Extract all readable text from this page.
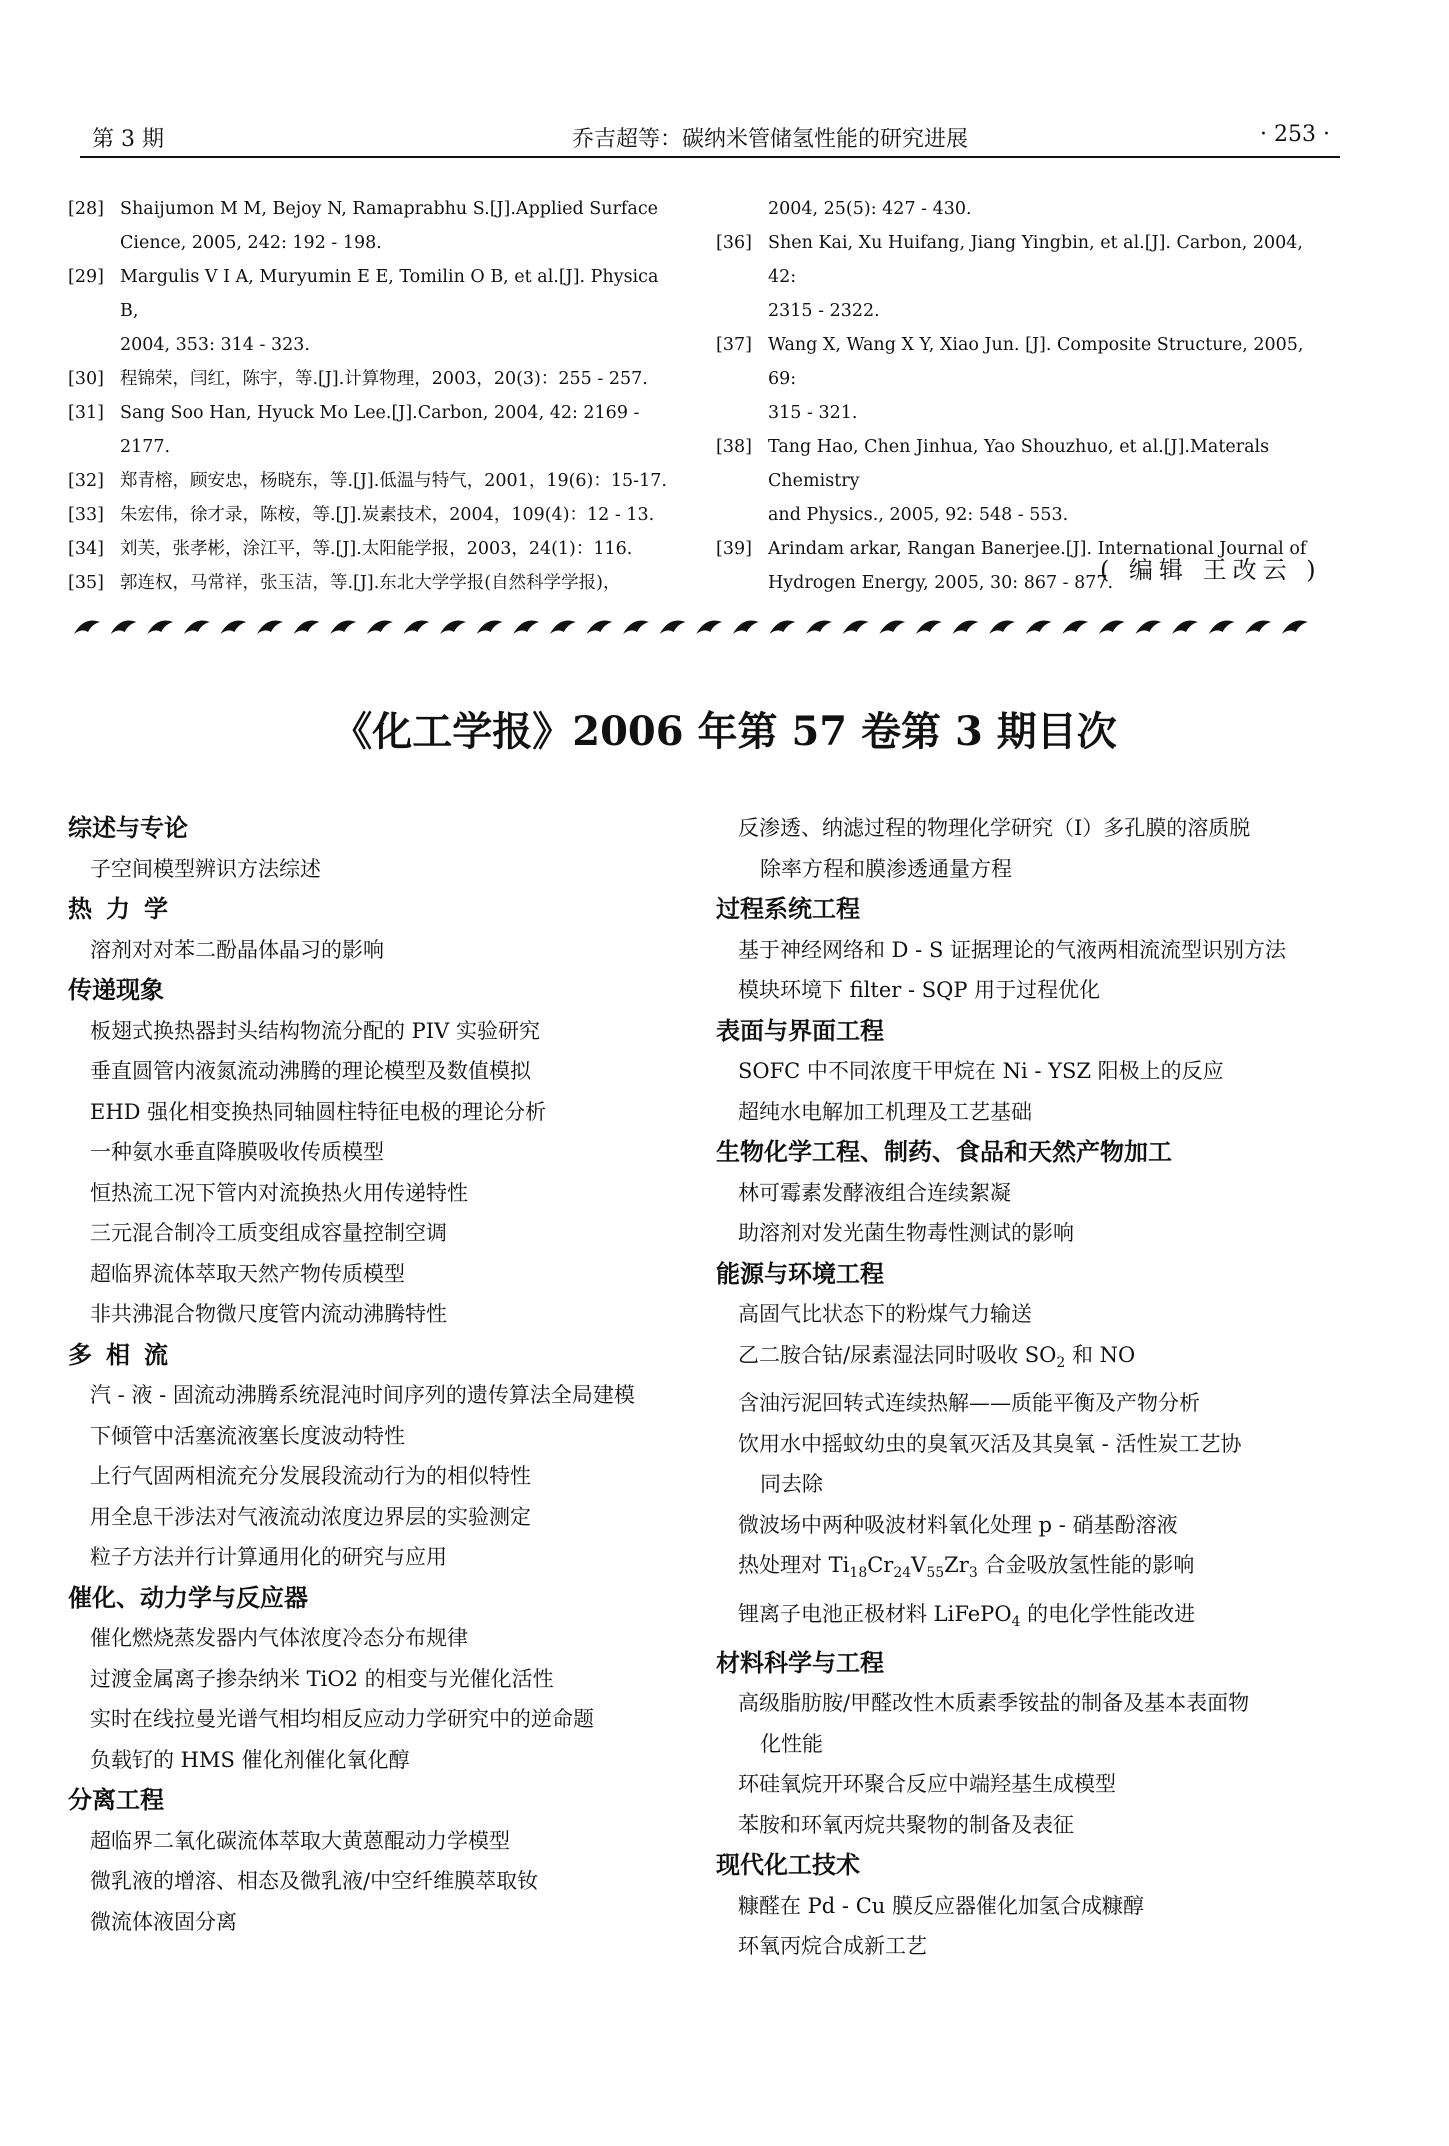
第 3 期	乔吉超等：碳纳米管储氢性能的研究进展	· 253 ·
[28] Shaijumon M M, Bejoy N, Ramaprabhu S.[J].Applied Surface
Cience, 2005, 242: 192 - 198.
[29] Margulis V I A, Muryumin E E, Tomilin O B, et al.[J]. Physica B,
2004, 353: 314 - 323.
[30] 程锦荣，闫红，陈宇，等.[J].计算物理，2003，20(3)：255 - 257.
[31] Sang Soo Han, Hyuck Mo Lee.[J].Carbon, 2004, 42: 2169 - 2177.
[32] 郑青榕，顾安忠，杨晓东，等.[J].低温与特气，2001，19(6)：15-17.
[33] 朱宏伟，徐才录，陈桉，等.[J].炭素技术，2004，109(4)：12 - 13.
[34] 刘芙，张孝彬，涂江平，等.[J].太阳能学报，2003，24(1)：116.
[35] 郭连权，马常祥，张玉洁，等.[J].东北大学学报(自然科学学报)，
2004, 25(5): 427 - 430.
[36] Shen Kai, Xu Huifang, Jiang Yingbin, et al.[J]. Carbon, 2004, 42:
2315 - 2322.
[37] Wang X, Wang X Y, Xiao Jun. [J]. Composite Structure, 2005, 69:
315 - 321.
[38] Tang Hao, Chen Jinhua, Yao Shouzhuo, et al.[J].Materals Chemistry
and Physics., 2005, 92: 548 - 553.
[39] Arindam arkar, Rangan Banerjee.[J]. International Journal of
Hydrogen Energy, 2005, 30: 867 - 877.
( 编辑 王改云 )
《化工学报》2006 年第 57 卷第 3 期目次
综述与专论
子空间模型辨识方法综述
热力学
溶剂对对苯二酚晶体晶习的影响
传递现象
板翅式换热器封头结构物流分配的 PIV 实验研究
垂直圆管内液氮流动沸腾的理论模型及数值模拟
EHD 强化相变换热同轴圆柱特征电极的理论分析
一种氨水垂直降膜吸收传质模型
恒热流工况下管内对流换热火用传递特性
三元混合制冷工质变组成容量控制空调
超临界流体萃取天然产物传质模型
非共沸混合物微尺度管内流动沸腾特性
多相流
汽 - 液 - 固流动沸腾系统混沌时间序列的遗传算法全局建模
下倾管中活塞流液塞长度波动特性
上行气固两相流充分发展段流动行为的相似特性
用全息干涉法对气液流动浓度边界层的实验测定
粒子方法并行计算通用化的研究与应用
催化、动力学与反应器
催化燃烧蒸发器内气体浓度冷态分布规律
过渡金属离子掺杂纳米 TiO2 的相变与光催化活性
实时在线拉曼光谱气相均相反应动力学研究中的逆命题
负载钌的 HMS 催化剂催化氧化醇
分离工程
超临界二氧化碳流体萃取大黄蒽醌动力学模型
微乳液的增溶、相态及微乳液/中空纤维膜萃取钕
微流体液固分离
反渗透、纳滤过程的物理化学研究（Ⅰ）多孔膜的溶质脱
除率方程和膜渗透通量方程
过程系统工程
基于神经网络和 D - S 证据理论的气液两相流流型识别方法
模块环境下 filter - SQP 用于过程优化
表面与界面工程
SOFC 中不同浓度干甲烷在 Ni - YSZ 阳极上的反应
超纯水电解加工机理及工艺基础
生物化学工程、制药、食品和天然产物加工
林可霉素发酵液组合连续絮凝
助溶剂对发光菌生物毒性测试的影响
能源与环境工程
高固气比状态下的粉煤气力输送
乙二胺合钴/尿素湿法同时吸收 $SO_2$ 和 NO
含油污泥回转式连续热解——质能平衡及产物分析
饮用水中摇蚊幼虫的臭氧灭活及其臭氧 - 活性炭工艺协
同去除
微波场中两种吸波材料氧化处理 p - 硝基酚溶液
热处理对 $Ti_{18}Cr_{24}V_{55}Zr_3$ 合金吸放氢性能的影响
锂离子电池正极材料 LiFePO$_4$ 的电化学性能改进
材料科学与工程
高级脂肪胺/甲醛改性木质素季铵盐的制备及基本表面物
化性能
环硅氧烷开环聚合反应中端羟基生成模型
苯胺和环氧丙烷共聚物的制备及表征
现代化工技术
糠醛在 Pd - Cu 膜反应器催化加氢合成糠醇
环氧丙烷合成新工艺
